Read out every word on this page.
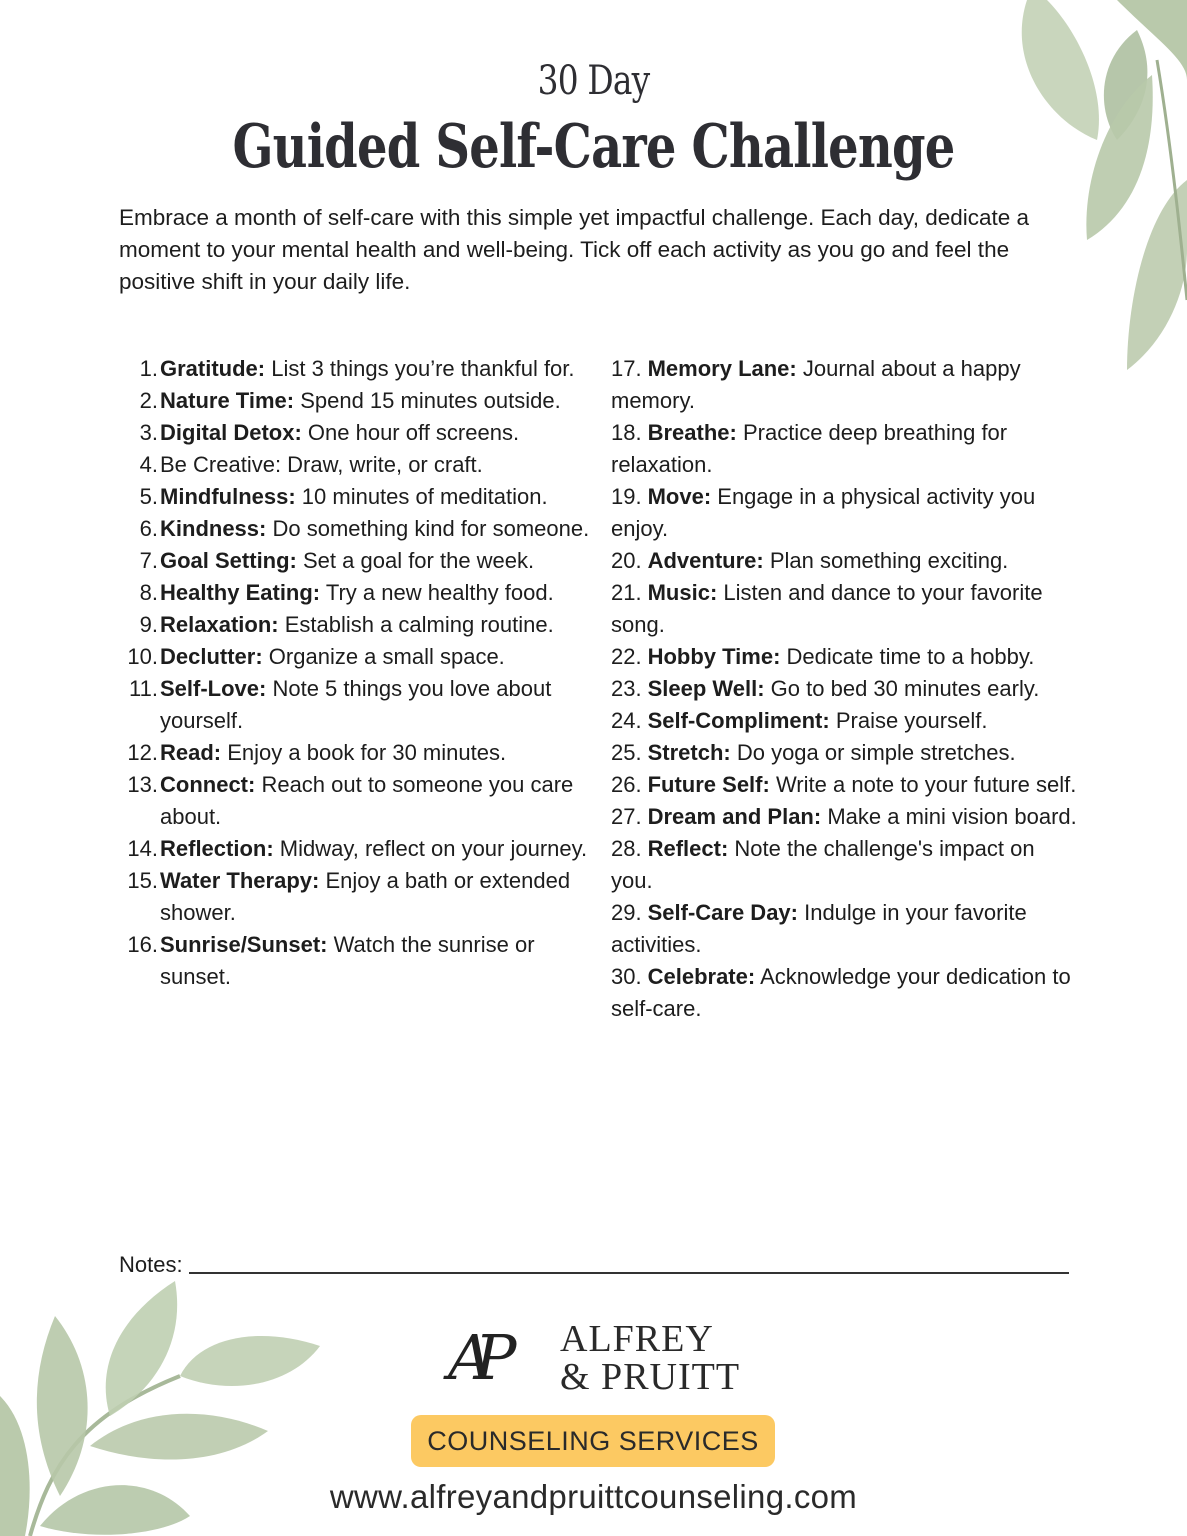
30 Day
Guided Self-Care Challenge

Embrace a month of self-care with this simple yet impactful challenge. Each day, dedicate a moment to your mental health and well-being. Tick off each activity as you go and feel the positive shift in your daily life.

1. Gratitude: List 3 things you’re thankful for.
2. Nature Time: Spend 15 minutes outside.
3. Digital Detox: One hour off screens.
4. Be Creative: Draw, write, or craft.
5. Mindfulness: 10 minutes of meditation.
6. Kindness: Do something kind for someone.
7. Goal Setting: Set a goal for the week.
8. Healthy Eating: Try a new healthy food.
9. Relaxation: Establish a calming routine.
10. Declutter: Organize a small space.
11. Self-Love: Note 5 things you love about yourself.
12. Read: Enjoy a book for 30 minutes.
13. Connect: Reach out to someone you care about.
14. Reflection: Midway, reflect on your journey.
15. Water Therapy: Enjoy a bath or extended shower.
16. Sunrise/Sunset: Watch the sunrise or sunset.
17. Memory Lane: Journal about a happy memory.
18. Breathe: Practice deep breathing for relaxation.
19. Move: Engage in a physical activity you enjoy.
20. Adventure: Plan something exciting.
21. Music: Listen and dance to your favorite song.
22. Hobby Time: Dedicate time to a hobby.
23. Sleep Well: Go to bed 30 minutes early.
24. Self-Compliment: Praise yourself.
25. Stretch: Do yoga or simple stretches.
26. Future Self: Write a note to your future self.
27. Dream and Plan: Make a mini vision board.
28. Reflect: Note the challenge's impact on you.
29. Self-Care Day: Indulge in your favorite activities.
30. Celebrate: Acknowledge your dedication to self-care.
Notes:
AP	ALFREY
& PRUITT
COUNSELING SERVICES
www.alfreyandpruittcounseling.com
